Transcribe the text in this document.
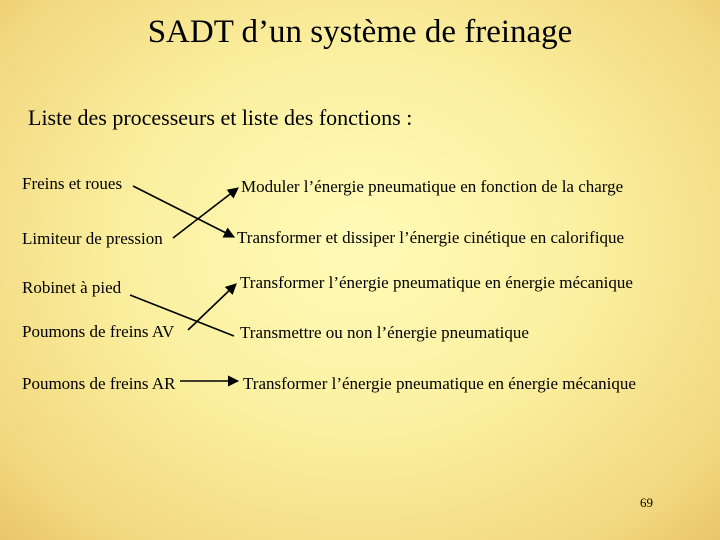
SADT d’un système de freinage
Liste des processeurs et liste des fonctions :
Freins et roues
Limiteur de pression
Robinet à pied
Poumons de freins AV
Poumons de freins AR
Moduler l’énergie pneumatique en fonction de la charge
Transformer et dissiper l’énergie cinétique en calorifique
Transformer l’énergie pneumatique en énergie mécanique
Transmettre ou non l’énergie pneumatique
Transformer l’énergie pneumatique en énergie mécanique
69
